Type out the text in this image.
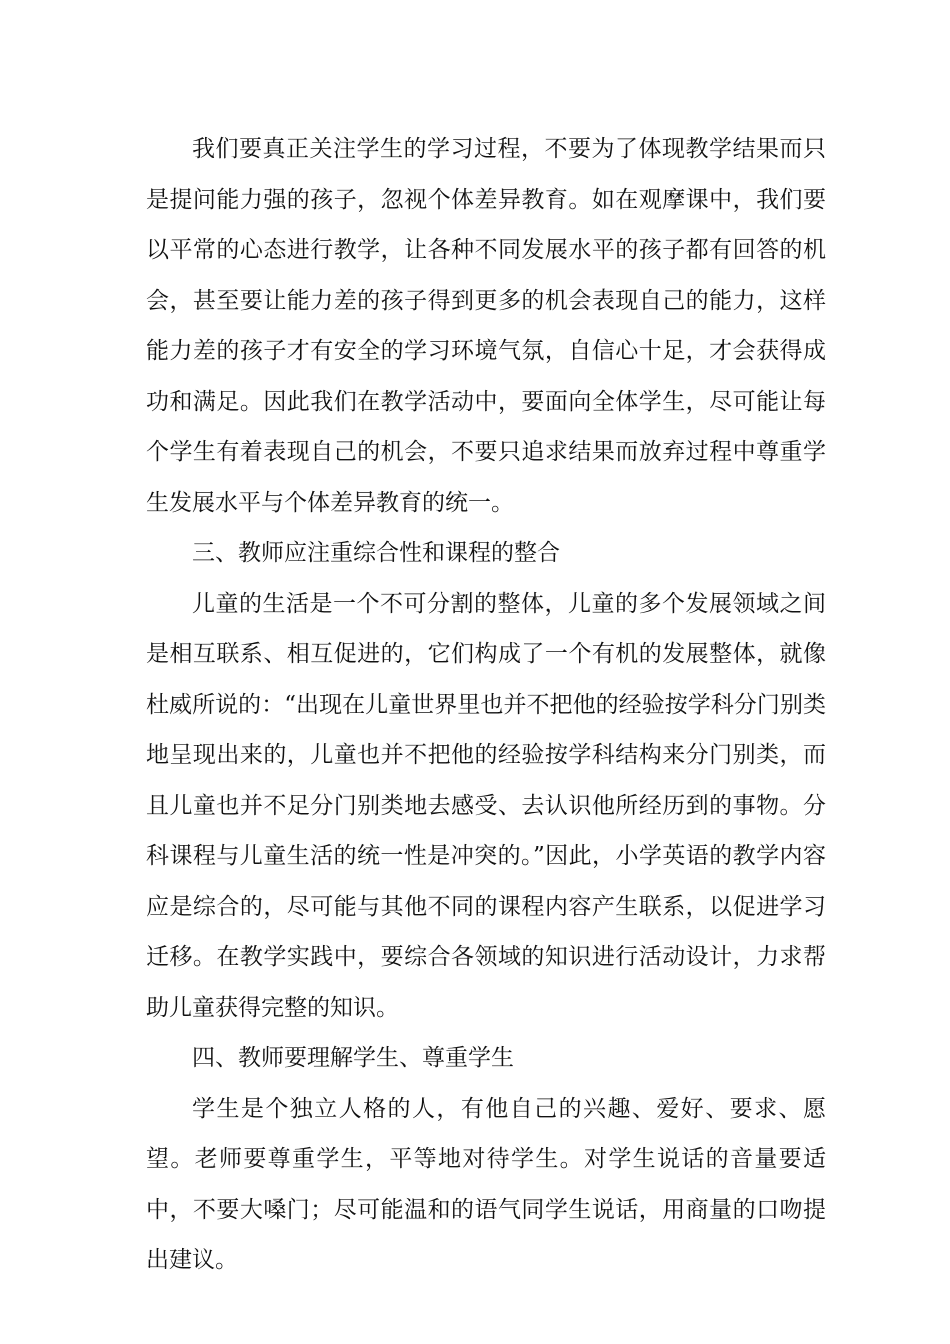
我们要真正关注学生的学习过程，不要为了体现教学结果而只是提问能力强的孩子，忽视个体差异教育。如在观摩课中，我们要以平常的心态进行教学，让各种不同发展水平的孩子都有回答的机会，甚至要让能力差的孩子得到更多的机会表现自己的能力，这样能力差的孩子才有安全的学习环境气氛，自信心十足，才会获得成功和满足。因此我们在教学活动中，要面向全体学生，尽可能让每个学生有着表现自己的机会，不要只追求结果而放弃过程中尊重学生发展水平与个体差异教育的统一。

三、教师应注重综合性和课程的整合

儿童的生活是一个不可分割的整体，儿童的多个发展领域之间是相互联系、相互促进的，它们构成了一个有机的发展整体，就像杜威所说的：“出现在儿童世界里也并不把他的经验按学科分门别类地呈现出来的，儿童也并不把他的经验按学科结构来分门别类，而且儿童也并不足分门别类地去感受、去认识他所经历到的事物。分科课程与儿童生活的统一性是冲突的。”因此，小学英语的教学内容应是综合的，尽可能与其他不同的课程内容产生联系，以促进学习迁移。在教学实践中，要综合各领域的知识进行活动设计，力求帮助儿童获得完整的知识。

四、教师要理解学生、尊重学生

学生是个独立人格的人，有他自己的兴趣、爱好、要求、愿望。老师要尊重学生，平等地对待学生。对学生说话的音量要适中，不要大嗓门；尽可能温和的语气同学生说话，用商量的口吻提出建议。
